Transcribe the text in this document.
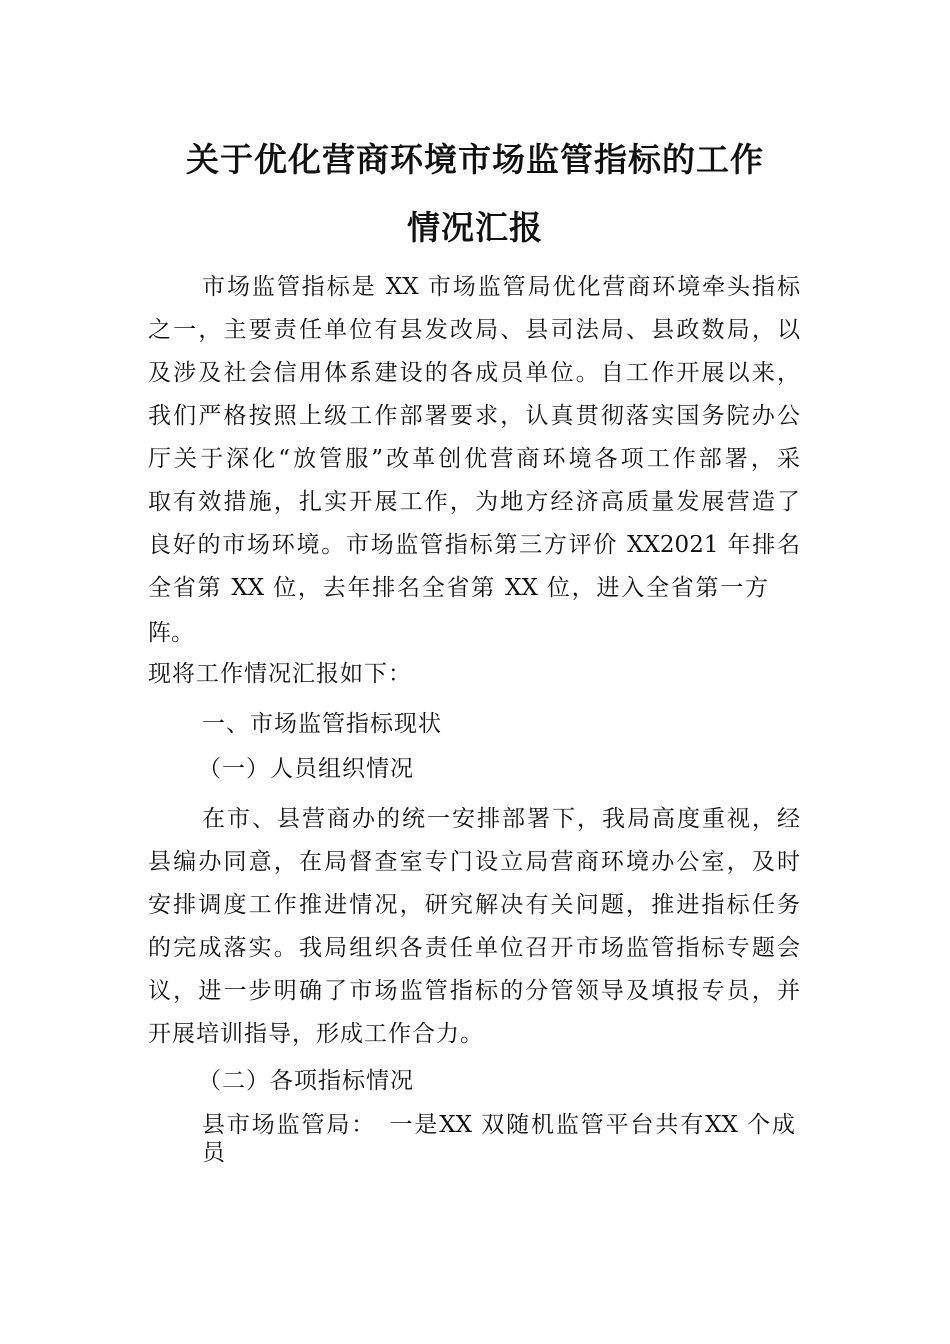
关于优化营商环境市场监管指标的工作
情况汇报
市场监管指标是 XX 市场监管局优化营商环境牵头指标
之一，主要责任单位有县发改局、县司法局、县政数局，以
及涉及社会信用体系建设的各成员单位。自工作开展以来，
我们严格按照上级工作部署要求，认真贯彻落实国务院办公
厅关于深化“放管服”改革创优营商环境各项工作部署，采
取有效措施，扎实开展工作，为地方经济高质量发展营造了
良好的市场环境。市场监管指标第三方评价 XX2021 年排名
全省第 XX 位，去年排名全省第 XX 位，进入全省第一方
阵。
现将工作情况汇报如下：
一、市场监管指标现状
（一）人员组织情况
在市、县营商办的统一安排部署下，我局高度重视，经
县编办同意，在局督查室专门设立局营商环境办公室，及时
安排调度工作推进情况，研究解决有关问题，推进指标任务
的完成落实。我局组织各责任单位召开市场监管指标专题会
议，进一步明确了市场监管指标的分管领导及填报专员，并
开展培训指导，形成工作合力。
（二）各项指标情况
县市场监管局：　一是XX 双随机监管平台共有XX 个成
员
